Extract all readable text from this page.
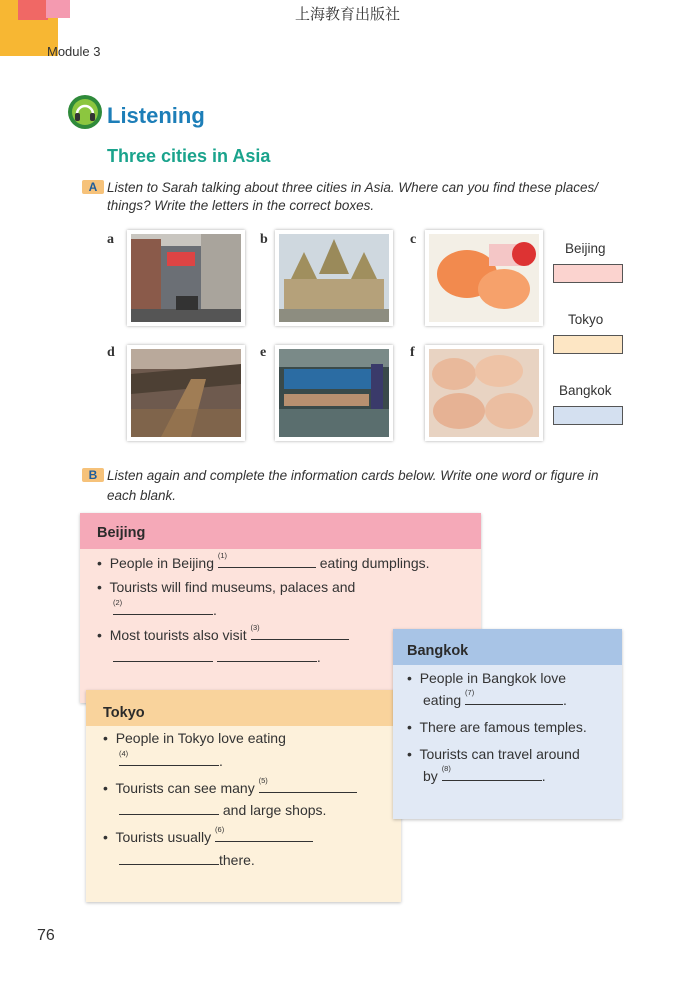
上海教育出版社
Module 3
Listening
Three cities in Asia
A Listen to Sarah talking about three cities in Asia. Where can you find these places/
things? Write the letters in the correct boxes.
a	b	c
d	e	f
Beijing
Tokyo
Bangkok
B Listen again and complete the information cards below. Write one word or figure in
each blank.
Beijing
•  People in Beijing (1)	eating dumplings.
•  Tourists will find museums, palaces and
(2)	.
•  Most tourists also visit (3)
.
Tokyo
•  People in Tokyo love eating
(4)	.
•  Tourists can see many (5)
and large shops.
•  Tourists usually (6)
there.
Bangkok
•  People in Bangkok love
eating (7)	.
•  There are famous temples.
•  Tourists can travel around
by (8)	.
76
